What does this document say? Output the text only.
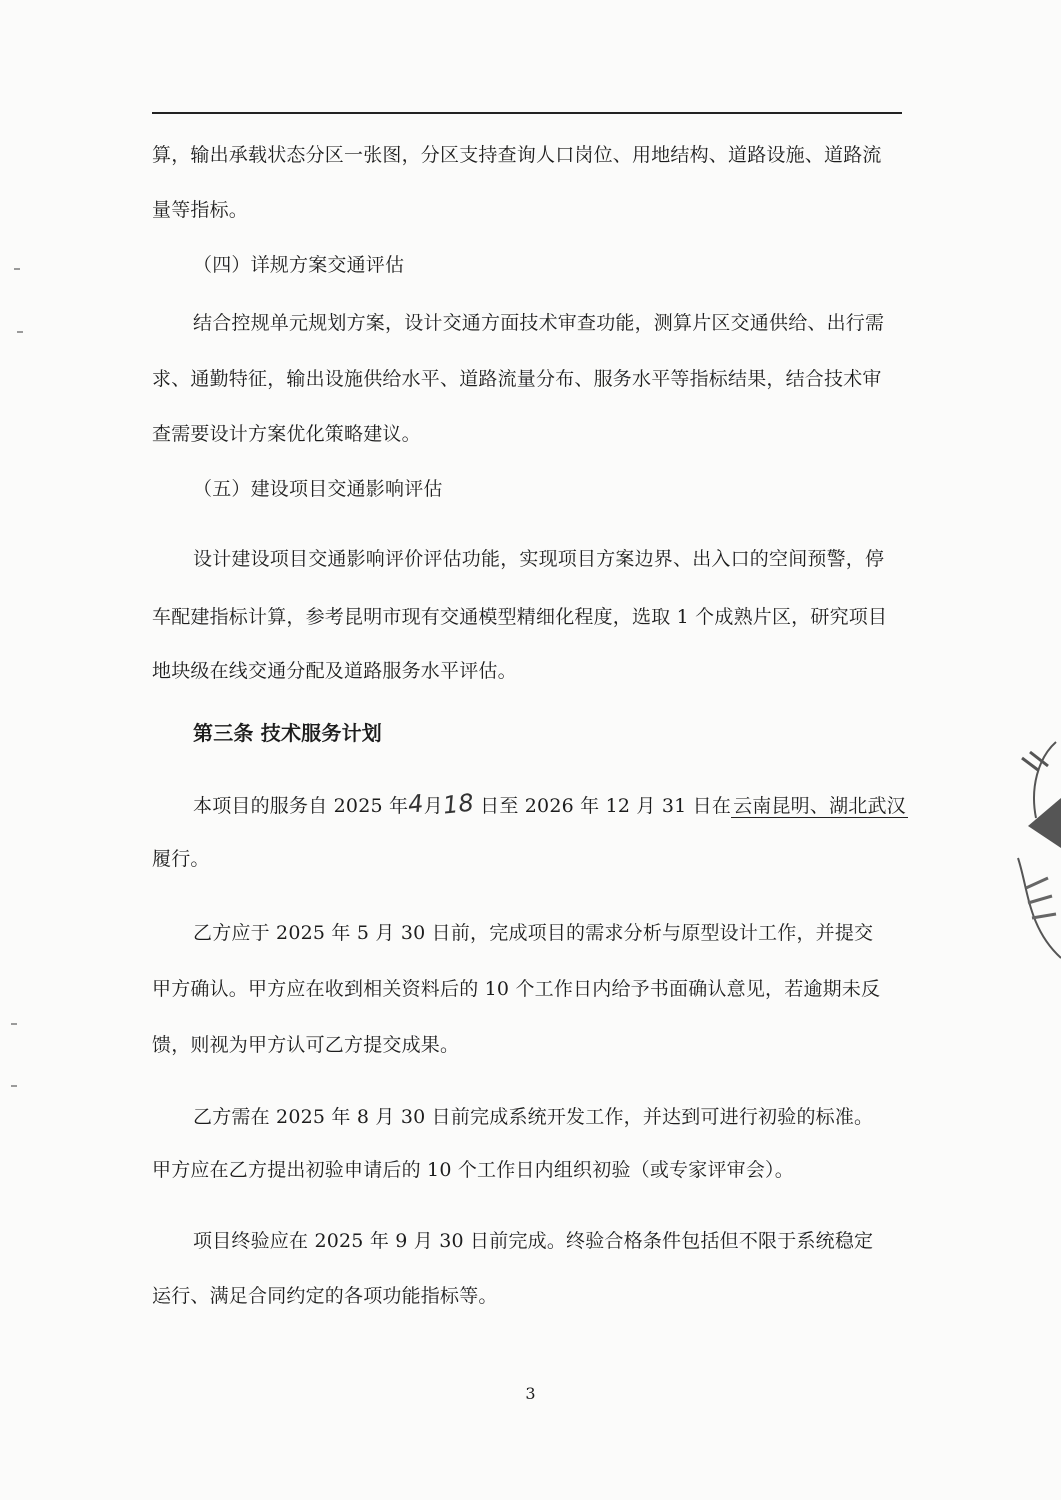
算，输出承载状态分区一张图，分区支持查询人口岗位、用地结构、道路设施、道路流
量等指标。
（四）详规方案交通评估
结合控规单元规划方案，设计交通方面技术审查功能，测算片区交通供给、出行需
求、通勤特征，输出设施供给水平、道路流量分布、服务水平等指标结果，结合技术审
查需要设计方案优化策略建议。
（五）建设项目交通影响评估
设计建设项目交通影响评价评估功能，实现项目方案边界、出入口的空间预警，停
车配建指标计算，参考昆明市现有交通模型精细化程度，选取 1 个成熟片区，研究项目
地块级在线交通分配及道路服务水平评估。
第三条 技术服务计划
本项目的服务自 2025 年4月18 日至 2026 年 12 月 31 日在 云南昆明、湖北武汉
履行。
乙方应于 2025 年 5 月 30 日前，完成项目的需求分析与原型设计工作，并提交
甲方确认。甲方应在收到相关资料后的 10 个工作日内给予书面确认意见，若逾期未反
馈，则视为甲方认可乙方提交成果。
乙方需在 2025 年 8 月 30 日前完成系统开发工作，并达到可进行初验的标准。
甲方应在乙方提出初验申请后的 10 个工作日内组织初验（或专家评审会）。
项目终验应在 2025 年 9 月 30 日前完成。终验合格条件包括但不限于系统稳定
运行、满足合同约定的各项功能指标等。
3
